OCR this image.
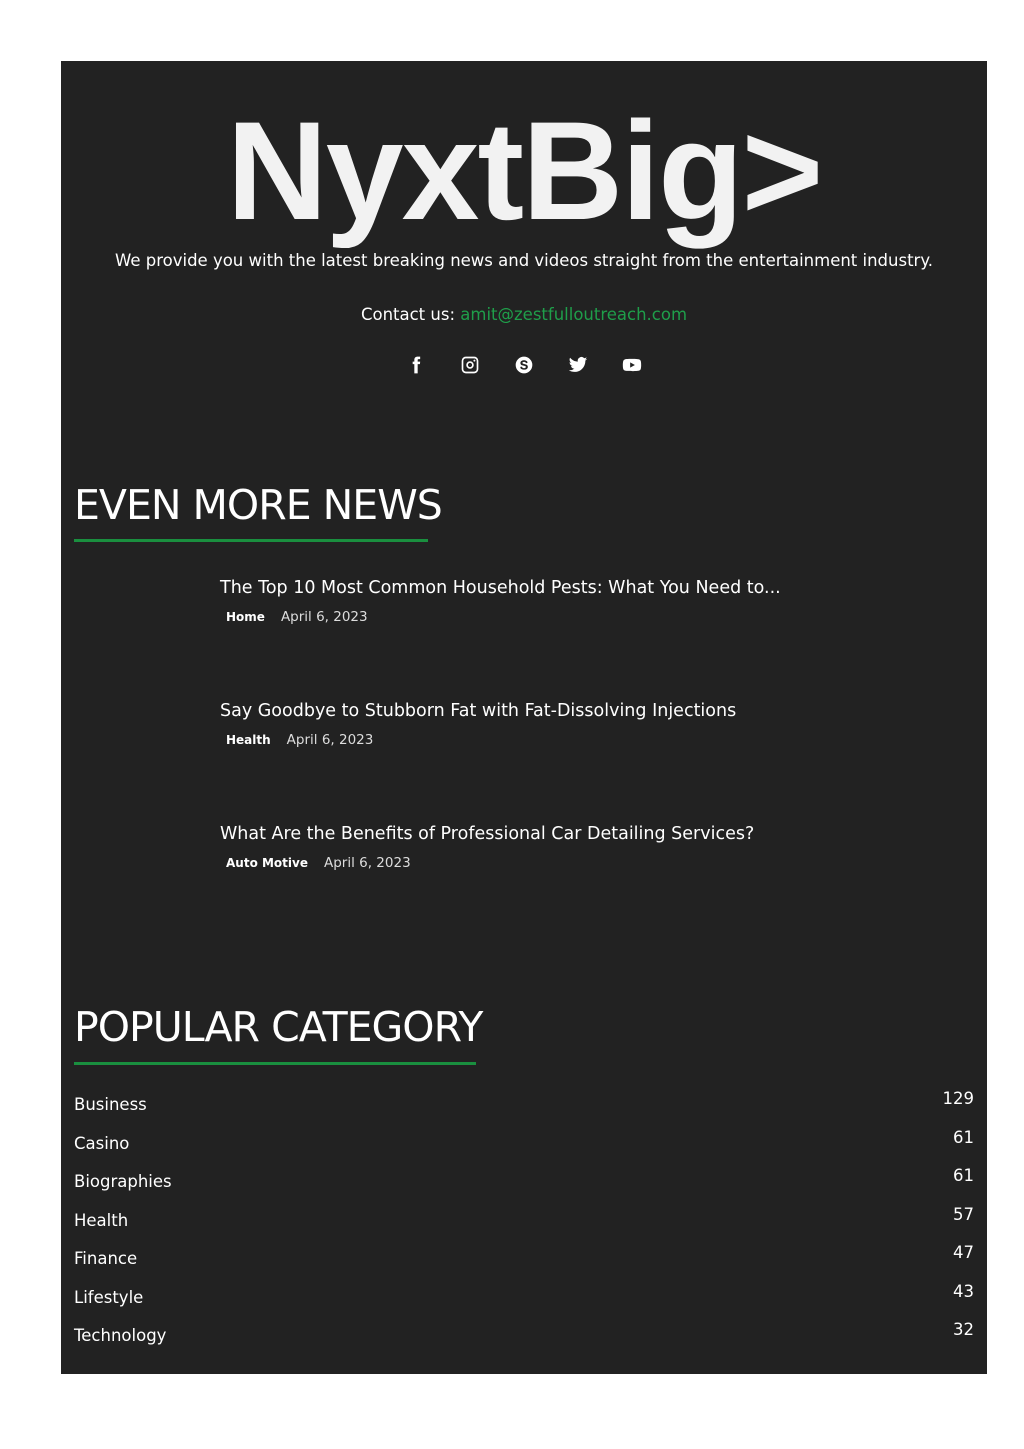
NyxtBig>
We provide you with the latest breaking news and videos straight from the entertainment industry.
Contact us: amit@zestfulloutreach.com
EVEN MORE NEWS
The Top 10 Most Common Household Pests: What You Need to...
Home April 6, 2023
Say Goodbye to Stubborn Fat with Fat-Dissolving Injections
Health April 6, 2023
What Are the Benefits of Professional Car Detailing Services?
Auto Motive April 6, 2023
POPULAR CATEGORY
Business	129
Casino	61
Biographies	61
Health	57
Finance	47
Lifestyle	43
Technology	32
